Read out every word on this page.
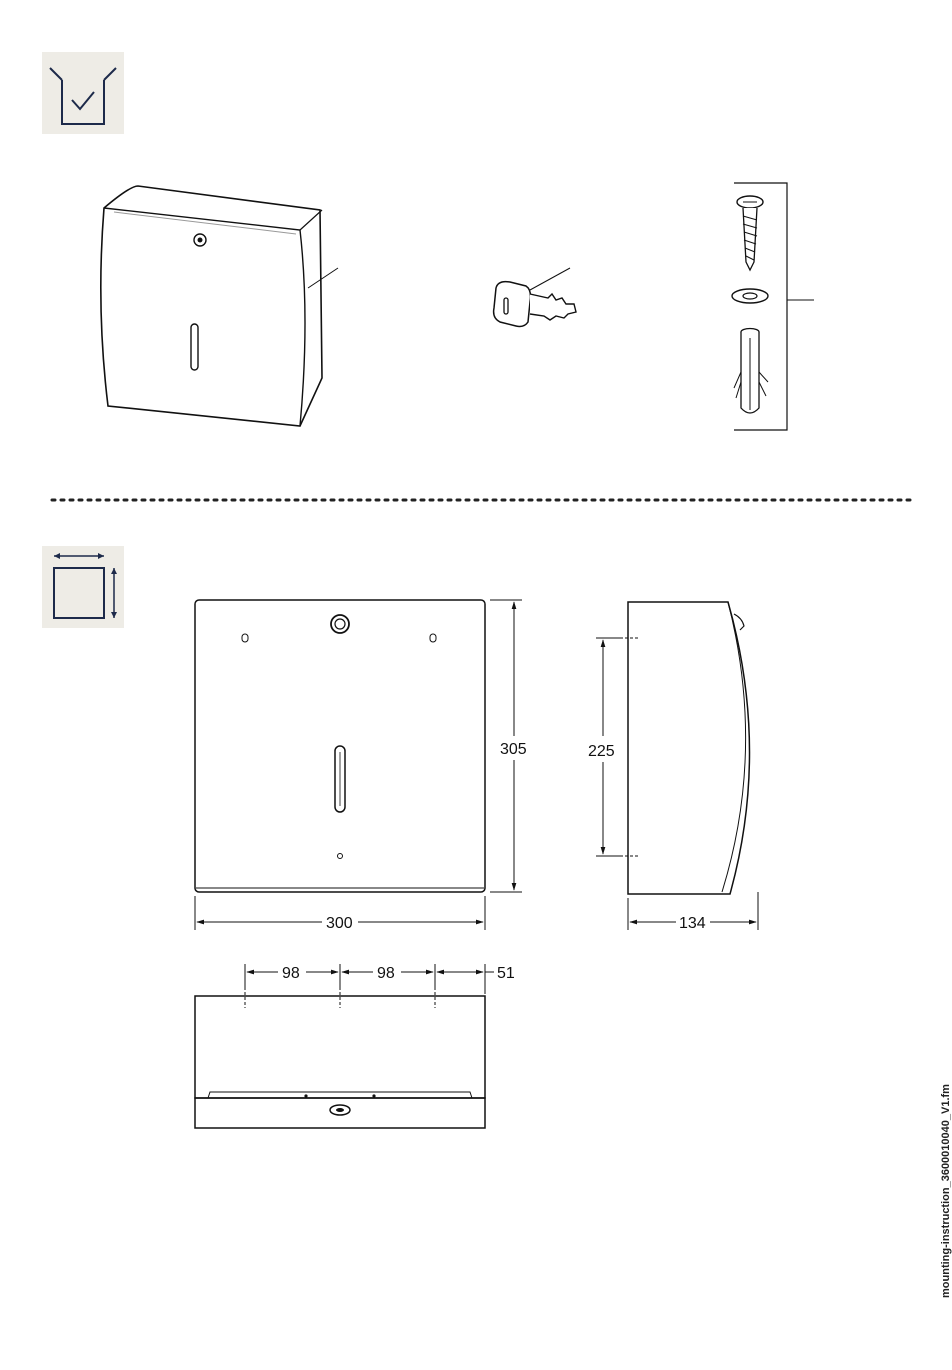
305
300
225
134
98	98	51
mounting-instruction_3600010040_V1.fm
